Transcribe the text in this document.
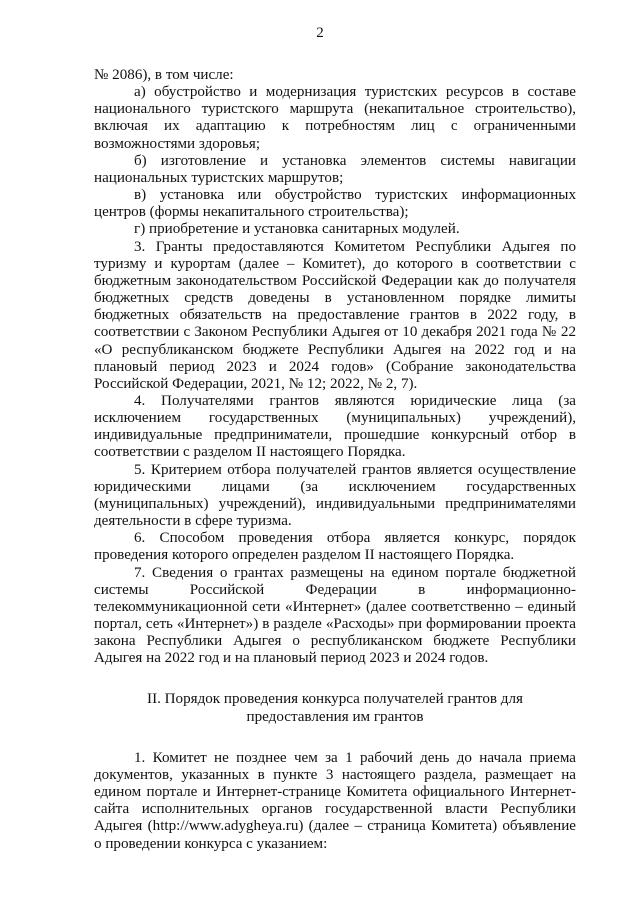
2

№ 2086), в том числе:

а) обустройство и модернизация туристских ресурсов в составе национального туристского маршрута (некапитальное строительство), включая их адаптацию к потребностям лиц с ограниченными возможностями здоровья;

б) изготовление и установка элементов системы навигации национальных туристских маршрутов;

в) установка или обустройство туристских информационных центров (формы некапитального строительства);

г) приобретение и установка санитарных модулей.

3. Гранты предоставляются Комитетом Республики Адыгея по туризму и курортам (далее – Комитет), до которого в соответствии с бюджетным законодательством Российской Федерации как до получателя бюджетных средств доведены в установленном порядке лимиты бюджетных обязательств на предоставление грантов в 2022 году, в соответствии с Законом Республики Адыгея от 10 декабря 2021 года № 22 «О республиканском бюджете Республики Адыгея на 2022 год и на плановый период 2023 и 2024 годов» (Собрание законодательства Российской Федерации, 2021, № 12; 2022, № 2, 7).

4. Получателями грантов являются юридические лица (за исключением государственных (муниципальных) учреждений), индивидуальные предприниматели, прошедшие конкурсный отбор в соответствии с разделом II настоящего Порядка.

5. Критерием отбора получателей грантов является осуществление юридическими лицами (за исключением государственных (муниципальных) учреждений), индивидуальными предпринимателями деятельности в сфере туризма.

6. Способом проведения отбора является конкурс, порядок проведения которого определен разделом II настоящего Порядка.

7. Сведения о грантах размещены на едином портале бюджетной системы Российской Федерации в информационно-телекоммуникационной сети «Интернет» (далее соответственно – единый портал, сеть «Интернет») в разделе «Расходы» при формировании проекта закона Республики Адыгея о республиканском бюджете Республики Адыгея на 2022 год и на плановый период 2023 и 2024 годов.

II. Порядок проведения конкурса получателей грантов для предоставления им грантов

1. Комитет не позднее чем за 1 рабочий день до начала приема документов, указанных в пункте 3 настоящего раздела, размещает на едином портале и Интернет-странице Комитета официального Интернет-сайта исполнительных органов государственной власти Республики Адыгея (http://www.adygheya.ru) (далее – страница Комитета) объявление о проведении конкурса с указанием:
